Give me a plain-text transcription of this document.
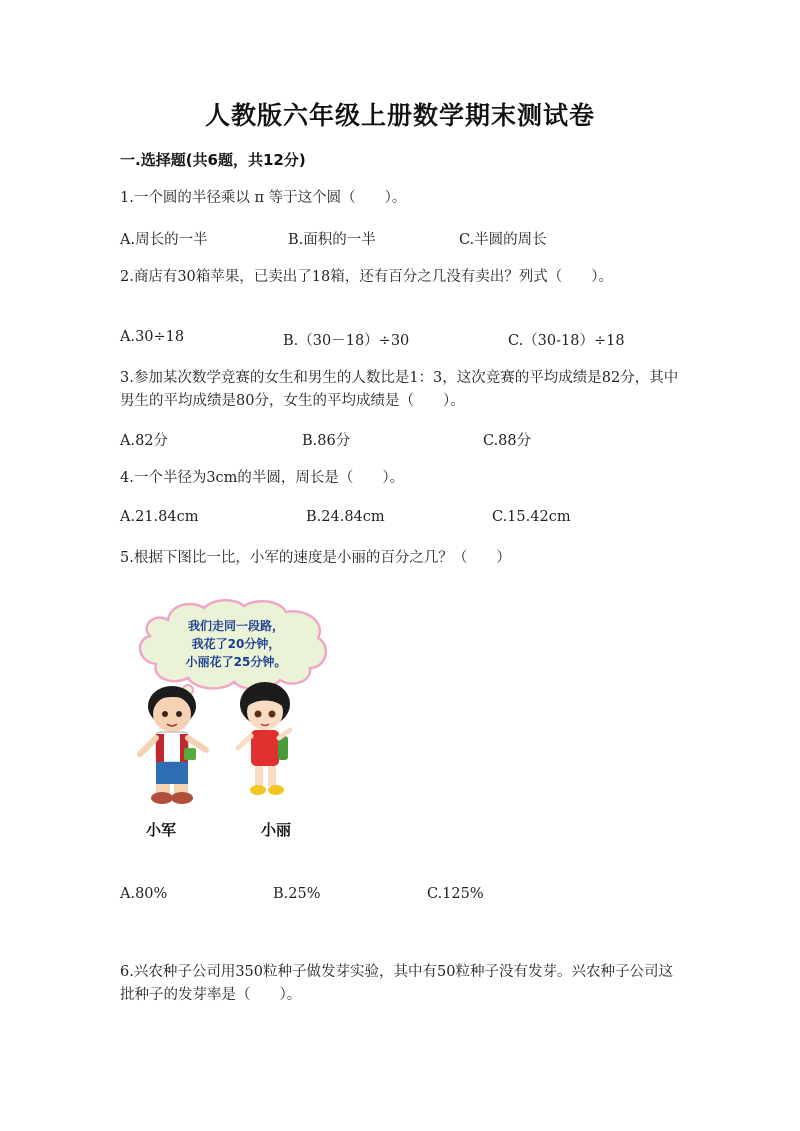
人教版六年级上册数学期末测试卷
一.选择题(共6题，共12分)
1.一个圆的半径乘以 π 等于这个圆（　　）。
A.周长的一半	B.面积的一半	C.半圆的周长
2.商店有30箱苹果，已卖出了18箱，还有百分之几没有卖出？列式（　　）。
A.30÷18	B.（30－18）÷30	C.（30-18）÷18
3.参加某次数学竞赛的女生和男生的人数比是1：3，这次竞赛的平均成绩是82分，其中男生的平均成绩是80分，女生的平均成绩是（　　）。
A.82分	B.86分	C.88分
4.一个半径为3cm的半圆，周长是（　　）。
A.21.84cm	B.24.84cm	C.15.42cm
5.根据下图比一比，小军的速度是小丽的百分之几？（　　）
我们走同一段路，
我花了20分钟，
小丽花了25分钟。
小军	小丽
A.80%	B.25%	C.125%
6.兴农种子公司用350粒种子做发芽实验，其中有50粒种子没有发芽。兴农种子公司这批种子的发芽率是（　　）。
